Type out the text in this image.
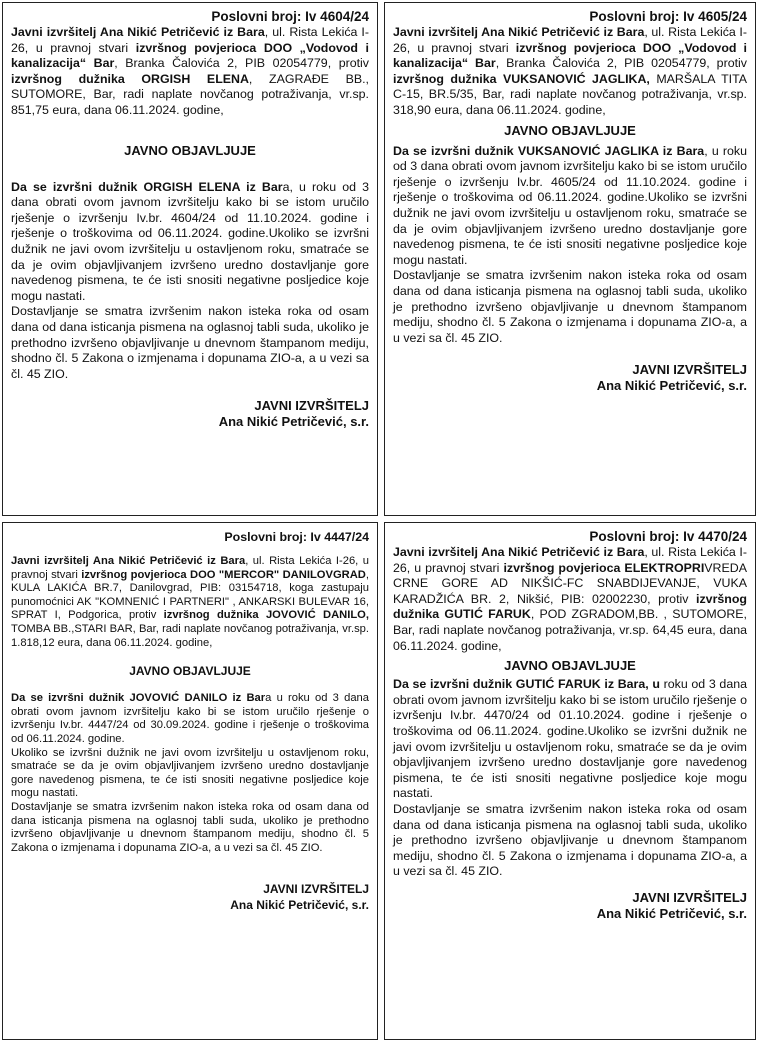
Poslovni broj: Iv 4604/24

Javni izvršitelj Ana Nikić Petričević iz Bara, ul. Rista Lekića I-26, u pravnoj stvari izvršnog povjerioca DOO „Vodovod i kanalizacija“ Bar, Branka Čalovića 2, PIB 02054779, protiv izvršnog dužnika ORGISH ELENA, ZAGRAĐE BB., SUTOMORE, Bar, radi naplate novčanog potraživanja, vr.sp. 851,75 eura, dana 06.11.2024. godine,

JAVNO OBJAVLJUJE

Da se izvršni dužnik ORGISH ELENA iz Bara, u roku od 3 dana obrati ovom javnom izvršitelju kako bi se istom uručilo rješenje o izvršenju Iv.br. 4604/24 od 11.10.2024. godine i rješenje o troškovima od 06.11.2024. godine.Ukoliko se izvršni dužnik ne javi ovom izvršitelju u ostavljenom roku, smatraće se da je ovim objavljivanjem izvršeno uredno dostavljanje gore navedenog pismena, te će isti snositi negativne posljedice koje mogu nastati.

Dostavljanje se smatra izvršenim nakon isteka roka od osam dana od dana isticanja pismena na oglasnoj tabli suda, ukoliko je prethodno izvršeno objavljivanje u dnevnom štampanom mediju, shodno čl. 5 Zakona o izmjenama i dopunama ZIO-a, a u vezi sa čl. 45 ZIO.

JAVNI IZVRŠITELJ
Ana Nikić Petričević, s.r.
Poslovni broj: Iv 4605/24

Javni izvršitelj Ana Nikić Petričević iz Bara, ul. Rista Lekića I-26, u pravnoj stvari izvršnog povjerioca DOO „Vodovod i kanalizacija“ Bar, Branka Čalovića 2, PIB 02054779, protiv izvršnog dužnika VUKSANOVIĆ JAGLIKA, MARŠALA TITA C-15, BR.5/35, Bar, radi naplate novčanog potraživanja, vr.sp. 318,90 eura, dana 06.11.2024. godine,

JAVNO OBJAVLJUJE

Da se izvršni dužnik VUKSANOVIĆ JAGLIKA iz Bara, u roku od 3 dana obrati ovom javnom izvršitelju kako bi se istom uručilo rješenje o izvršenju Iv.br. 4605/24 od 11.10.2024. godine i rješenje o troškovima od 06.11.2024. godine.Ukoliko se izvršni dužnik ne javi ovom izvršitelju u ostavljenom roku, smatraće se da je ovim objavljivanjem izvršeno uredno dostavljanje gore navedenog pismena, te će isti snositi negativne posljedice koje mogu nastati.

Dostavljanje se smatra izvršenim nakon isteka roka od osam dana od dana isticanja pismena na oglasnoj tabli suda, ukoliko je prethodno izvršeno objavljivanje u dnevnom štampanom mediju, shodno čl. 5 Zakona o izmjenama i dopunama ZIO-a, a u vezi sa čl. 45 ZIO.

JAVNI IZVRŠITELJ
Ana Nikić Petričević, s.r.
Poslovni broj: Iv 4447/24

Javni izvršitelj Ana Nikić Petričević iz Bara, ul. Rista Lekića I-26, u pravnoj stvari izvršnog povjerioca DOO "MERCOR" DANILOVGRAD, KULA LAKIĆA BR.7, Danilovgrad, PIB: 03154718, koga zastupaju punomoćnici AK "KOMNENIĆ I PARTNERI" , ANKARSKI BULEVAR 16, SPRAT I, Podgorica, protiv izvršnog dužnika JOVOVIĆ DANILO, TOMBA BB.,STARI BAR, Bar, radi naplate novčanog potraživanja, vr.sp. 1.818,12 eura, dana 06.11.2024. godine,

JAVNO OBJAVLJUJE

Da se izvršni dužnik JOVOVIĆ DANILO iz Bara u roku od 3 dana obrati ovom javnom izvršitelju kako bi se istom uručilo rješenje o izvršenju Iv.br. 4447/24 od 30.09.2024. godine i rješenje o troškovima od 06.11.2024. godine.

Ukoliko se izvršni dužnik ne javi ovom izvršitelju u ostavljenom roku, smatraće se da je ovim objavljivanjem izvršeno uredno dostavljanje gore navedenog pismena, te će isti snositi negativne posljedice koje mogu nastati.

Dostavljanje se smatra izvršenim nakon isteka roka od osam dana od dana isticanja pismena na oglasnoj tabli suda, ukoliko je prethodno izvršeno objavljivanje u dnevnom štampanom mediju, shodno čl. 5 Zakona o izmjenama i dopunama ZIO-a, a u vezi sa čl. 45 ZIO.

JAVNI IZVRŠITELJ
Ana Nikić Petričević, s.r.
Poslovni broj: Iv 4470/24

Javni izvršitelj Ana Nikić Petričević iz Bara, ul. Rista Lekića I-26, u pravnoj stvari izvršnog povjerioca ELEKTROPRIVREDA CRNE GORE AD NIKŠIĆ-FC SNABDIJEVANJE, VUKA KARADŽIĆA BR. 2, Nikšić, PIB: 02002230, protiv izvršnog dužnika GUTIĆ FARUK, POD ZGRADOM,BB. , SUTOMORE, Bar, radi naplate novčanog potraživanja, vr.sp. 64,45 eura, dana 06.11.2024. godine,

JAVNO OBJAVLJUJE

Da se izvršni dužnik GUTIĆ FARUK iz Bara, u roku od 3 dana obrati ovom javnom izvršitelju kako bi se istom uručilo rješenje o izvršenju Iv.br. 4470/24 od 01.10.2024. godine i rješenje o troškovima od 06.11.2024. godine.Ukoliko se izvršni dužnik ne javi ovom izvršitelju u ostavljenom roku, smatraće se da je ovim objavljivanjem izvršeno uredno dostavljanje gore navedenog pismena, te će isti snositi negativne posljedice koje mogu nastati.

Dostavljanje se smatra izvršenim nakon isteka roka od osam dana od dana isticanja pismena na oglasnoj tabli suda, ukoliko je prethodno izvršeno objavljivanje u dnevnom štampanom mediju, shodno čl. 5 Zakona o izmjenama i dopunama ZIO-a, a u vezi sa čl. 45 ZIO.

JAVNI IZVRŠITELJ
Ana Nikić Petričević, s.r.
